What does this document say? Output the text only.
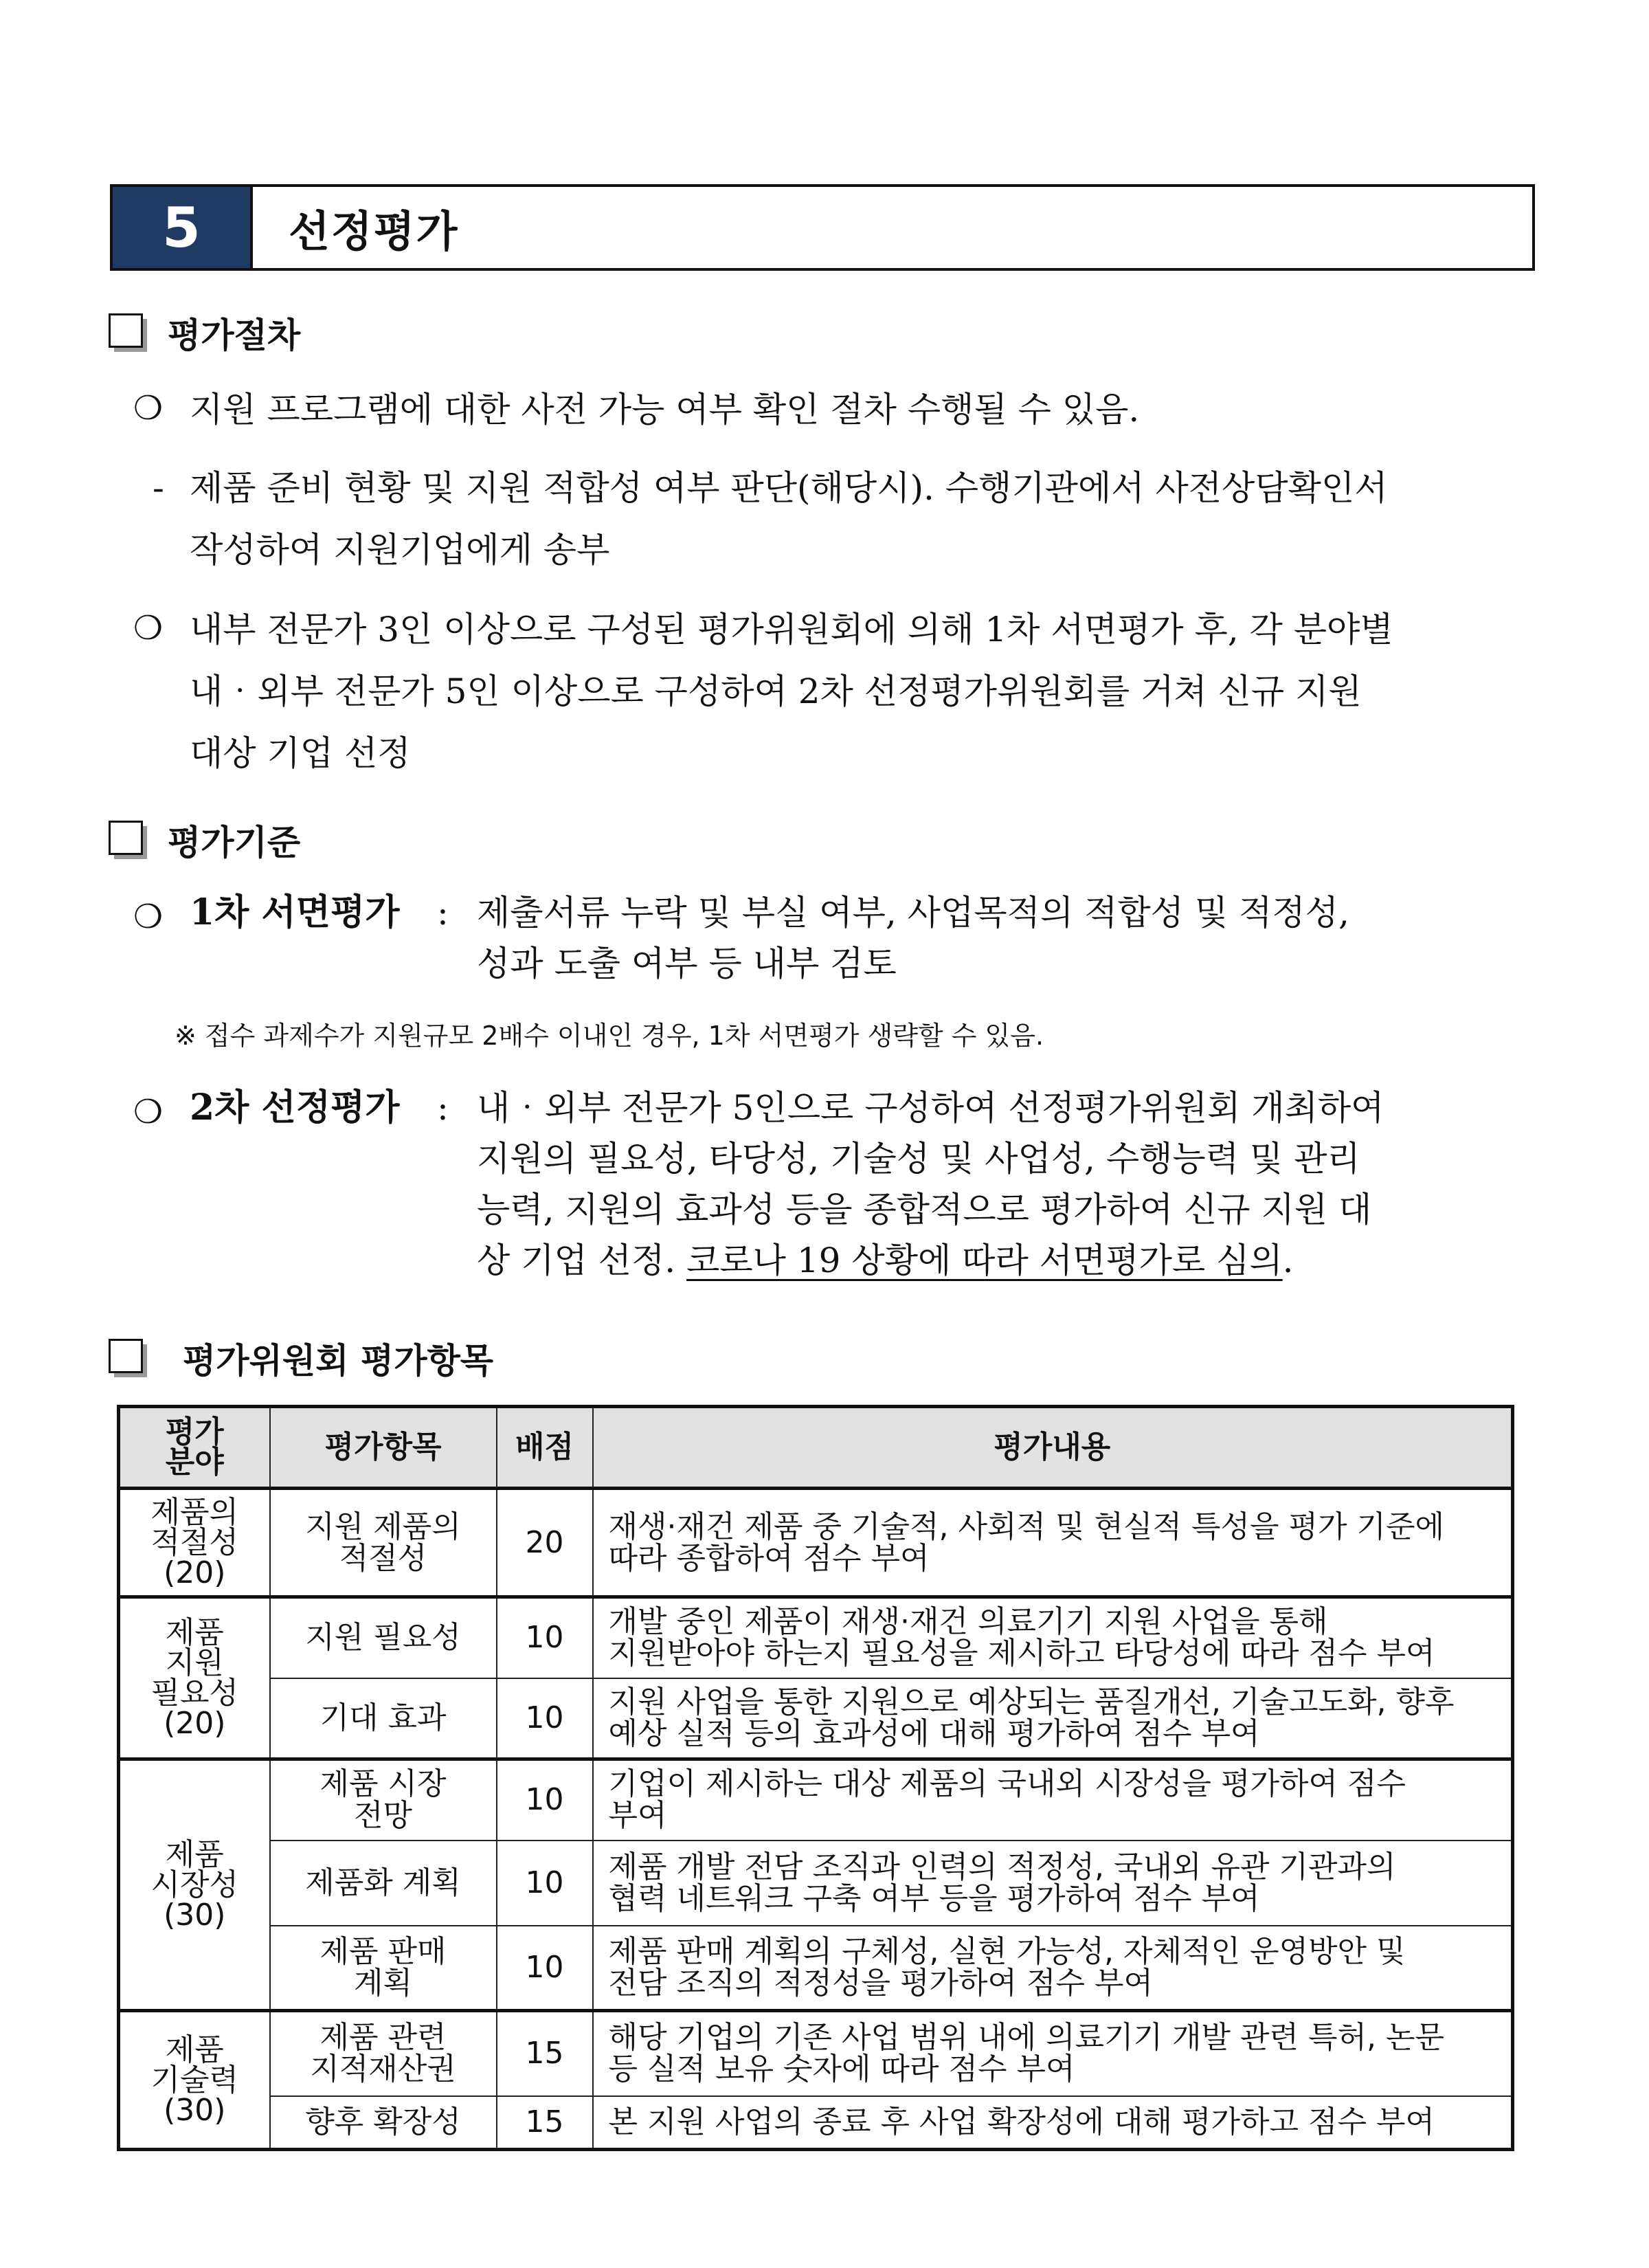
5	선정평가
평가절차
❍ 지원 프로그램에 대한 사전 가능 여부 확인 절차 수행될 수 있음.
- 제품 준비 현황 및 지원 적합성 여부 판단(해당시). 수행기관에서 사전상담확인서
작성하여 지원기업에게 송부
❍ 내부 전문가 3인 이상으로 구성된 평가위원회에 의해 1차 서면평가 후, 각 분야별
내‧외부 전문가 5인 이상으로 구성하여 2차 선정평가위원회를 거쳐 신규 지원
대상 기업 선정
평가기준
❍ 1차 서면평가 : 제출서류 누락 및 부실 여부, 사업목적의 적합성 및 적정성,
성과 도출 여부 등 내부 검토
※ 접수 과제수가 지원규모 2배수 이내인 경우, 1차 서면평가 생략할 수 있음.
❍ 2차 선정평가 : 내‧외부 전문가 5인으로 구성하여 선정평가위원회 개최하여
지원의 필요성, 타당성, 기술성 및 사업성, 수행능력 및 관리
능력, 지원의 효과성 등을 종합적으로 평가하여 신규 지원 대
상 기업 선정. 코로나 19 상황에 따라 서면평가로 심의.
평가위원회 평가항목
평가
분야	평가항목	배점	평가내용
제품의
적절성
(20)	지원 제품의
적절성	20	재생·재건 제품 중 기술적, 사회적 및 현실적 특성을 평가 기준에
따라 종합하여 점수 부여
제품
지원
필요성
(20)	지원 필요성	10	개발 중인 제품이 재생·재건 의료기기 지원 사업을 통해
지원받아야 하는지 필요성을 제시하고 타당성에 따라 점수 부여
	기대 효과	10	지원 사업을 통한 지원으로 예상되는 품질개선, 기술고도화, 향후
예상 실적 등의 효과성에 대해 평가하여 점수 부여
제품
시장성
(30)	제품 시장
전망	10	기업이 제시하는 대상 제품의 국내외 시장성을 평가하여 점수
부여
	제품화 계획	10	제품 개발 전담 조직과 인력의 적정성, 국내외 유관 기관과의
협력 네트워크 구축 여부 등을 평가하여 점수 부여
	제품 판매
계획	10	제품 판매 계획의 구체성, 실현 가능성, 자체적인 운영방안 및
전담 조직의 적정성을 평가하여 점수 부여
제품
기술력
(30)	제품 관련
지적재산권	15	해당 기업의 기존 사업 범위 내에 의료기기 개발 관련 특허, 논문
등 실적 보유 숫자에 따라 점수 부여
	향후 확장성	15	본 지원 사업의 종료 후 사업 확장성에 대해 평가하고 점수 부여
